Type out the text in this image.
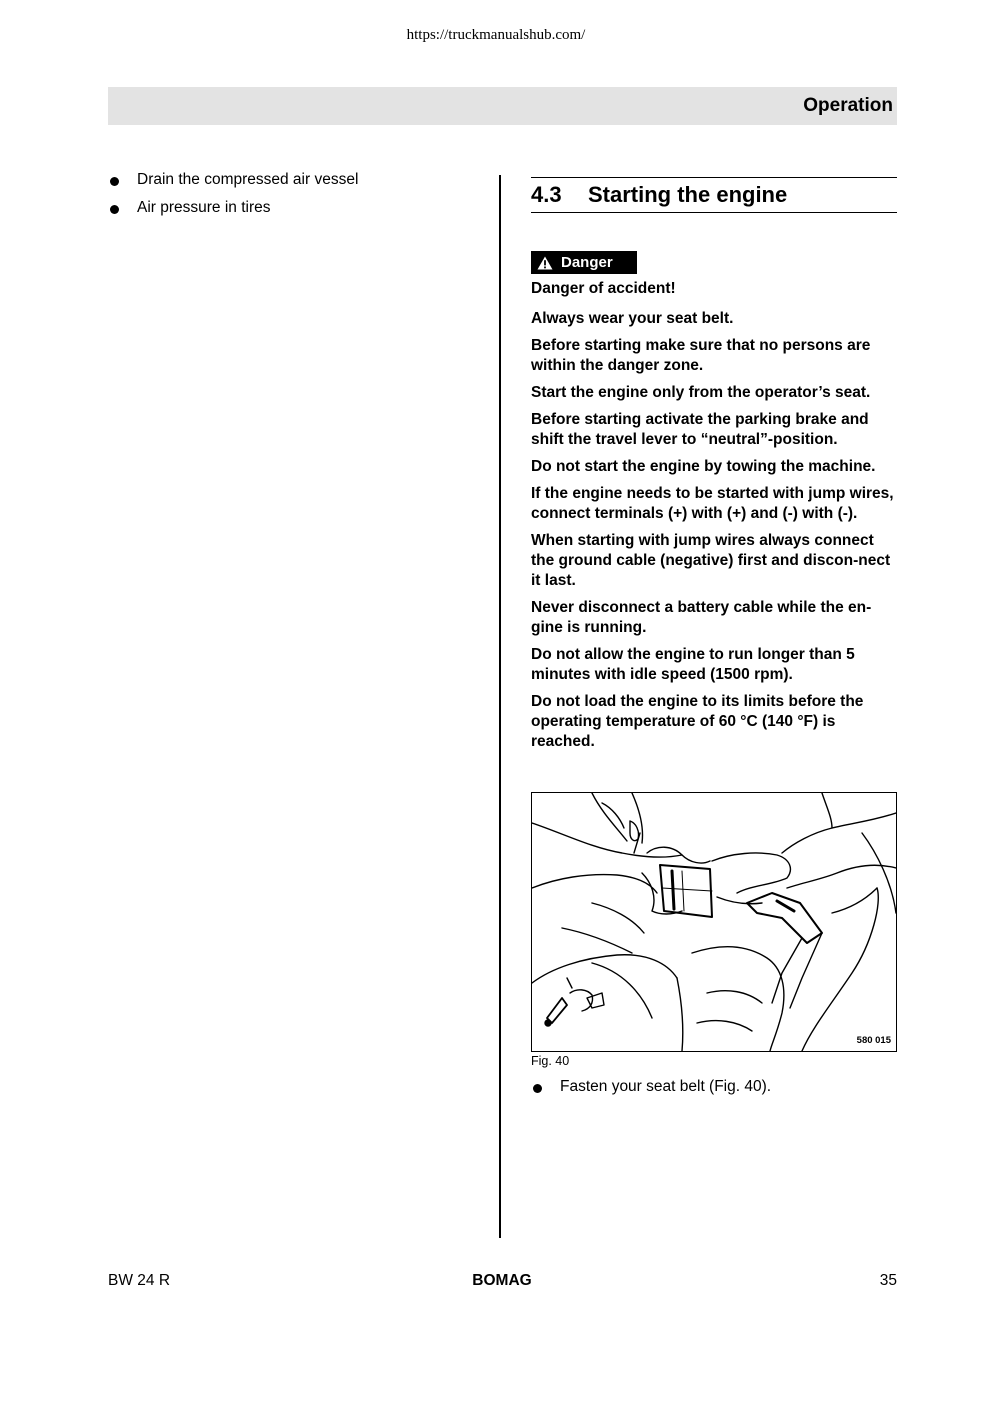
https://truckmanualshub.com/
Operation
Drain the compressed air vessel
Air pressure in tires
4.3 Starting the engine
Danger

Danger of accident!

Always wear your seat belt.

Before starting make sure that no persons are within the danger zone.

Start the engine only from the operator’s seat.

Before starting activate the parking brake and shift the travel lever to “neutral”-position.

Do not start the engine by towing the machine.

If the engine needs to be started with jump wires, connect terminals (+) with (+) and (-) with (-).

When starting with jump wires always connect the ground cable (negative) first and discon-nect it last.

Never disconnect a battery cable while the en-gine is running.

Do not allow the engine to run longer than 5 minutes with idle speed (1500 rpm).

Do not load the engine to its limits before the operating temperature of 60 °C (140 °F) is reached.

580 015
Fig. 40
Fasten your seat belt (Fig. 40).
BW 24 R	BOMAG	35
